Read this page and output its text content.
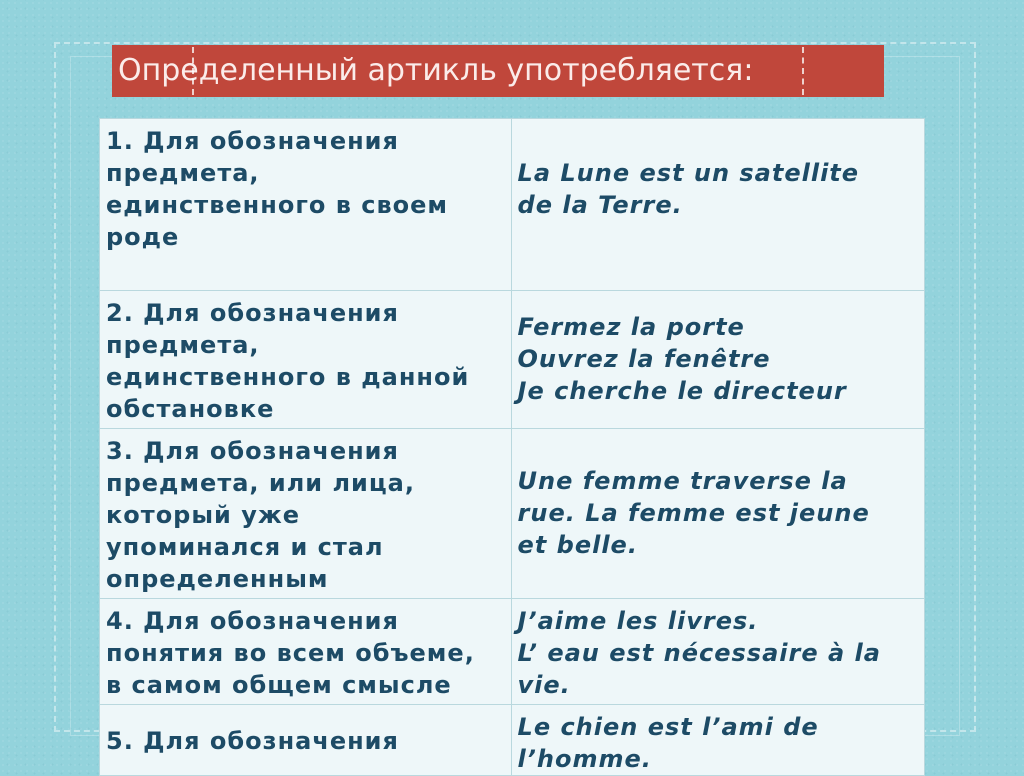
Определенный артикль употребляется:
1. Для обозначения
предмета,
единственного в своем
роде	La Lune est un satellite
de la Terre.

2. Для обозначения
предмета,
единственного в данной
обстановке	Fermez la porte
Ouvrez la fenêtre
Je cherche le directeur

3. Для обозначения
предмета, или лица,
который уже
упоминался и стал
определенным	Une femme traverse la
rue. La femme est jeune
et belle.

4. Для обозначения
понятия во всем объеме,
в самом общем смысле	J’aime les livres.
L’ eau est nécessaire à la
vie.

5. Для обозначения	Le chien est l’ami de
l’homme.
